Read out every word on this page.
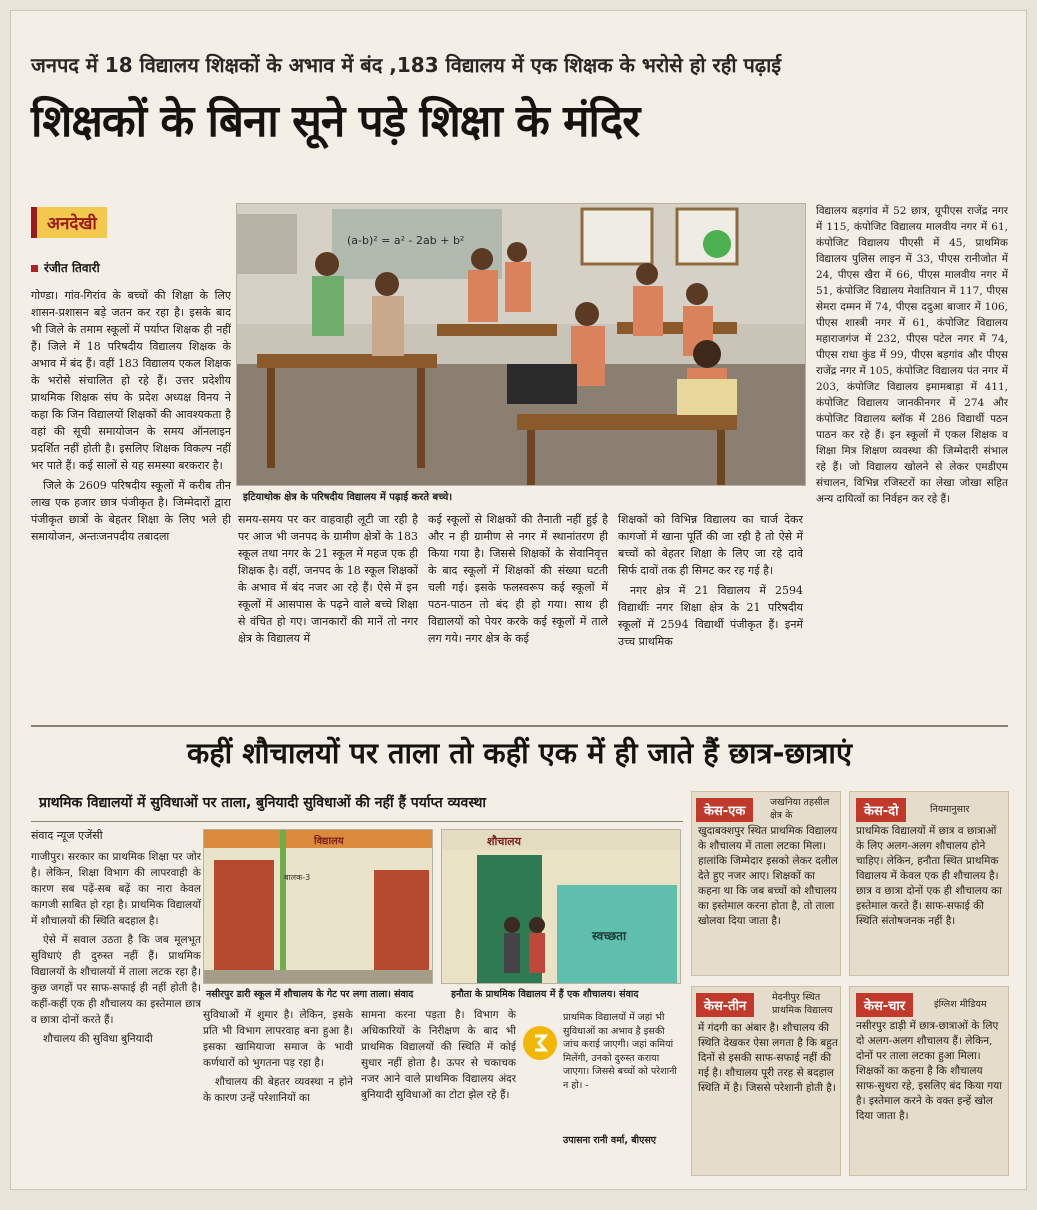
जनपद में 18 विद्यालय शिक्षकों के अभाव में बंद ,183 विद्यालय में एक शिक्षक के भरोसे हो रही पढ़ाई
शिक्षकों के बिना सूने पड़े शिक्षा के मंदिर
अनदेखी
रंजीत तिवारी

गोण्डा। गांव-गिरांव के बच्चों की शिक्षा के लिए शासन-प्रशासन बड़े जतन कर रहा है। इसके बाद भी जिले के तमाम स्कूलों में पर्याप्त शिक्षक ही नहीं हैं। जिले में 18 परिषदीय विद्यालय शिक्षक के अभाव में बंद हैं। वहीं 183 विद्यालय एकल शिक्षक के भरोसे संचालित हो रहे हैं। उत्तर प्रदेशीय प्राथमिक शिक्षक संघ के प्रदेश अध्यक्ष विनय ने कहा कि जिन विद्यालयों शिक्षकों की आवश्यकता है वहां की सूची समायोजन के समय ऑनलाइन प्रदर्शित नहीं होती है। इसलिए शिक्षक विकल्प नहीं भर पाते हैं। कई सालों से यह समस्या बरकरार है।

जिले के 2609 परिषदीय स्कूलों में करीब तीन लाख एक हजार छात्र पंजीकृत है। जिम्मेदारों द्वारा पंजीकृत छात्रों के बेहतर शिक्षा के लिए भले ही समायोजन, अन्तःजनपदीय तबादला

(a-b)² = a² - 2ab + b²
इटियाथोक क्षेत्र के परिषदीय विद्यालय में पढ़ाई करते बच्चे।

समय-समय पर कर वाहवाही लूटी जा रही है पर आज भी जनपद के ग्रामीण क्षेत्रों के 183 स्कूल तथा नगर के 21 स्कूल में महज एक ही शिक्षक है। वहीं, जनपद के 18 स्कूल शिक्षकों के अभाव में बंद नजर आ रहे हैं। ऐसे में इन स्कूलों में आसपास के पढ़ने वाले बच्चे शिक्षा से वंचित हो गए। जानकारों की मानें तो नगर क्षेत्र के विद्यालय में

कई स्कूलों से शिक्षकों की तैनाती नहीं हुई है और न ही ग्रामीण से नगर में स्थानांतरण ही किया गया है। जिससे शिक्षकों के सेवानिवृत्त के बाद स्कूलों में शिक्षकों की संख्या घटती चली गई। इसके फलस्वरूप कई स्कूलों में पठन-पाठन तो बंद ही हो गया। साथ ही विद्यालयों को पेयर करके कई स्कूलों में ताले लग गये। नगर क्षेत्र के कई

शिक्षकों को विभिन्न विद्यालय का चार्ज देकर कागजों में खाना पूर्ति की जा रही है तो ऐसे में बच्चों को बेहतर शिक्षा के लिए जा रहे दावे सिर्फ दावों तक ही सिमट कर रह गई है।

नगर क्षेत्र में 21 विद्यालय में 2594 विद्यार्थीः नगर शिक्षा क्षेत्र के 21 परिषदीय स्कूलों में 2594 विद्यार्थी पंजीकृत हैं। इनमें उच्च प्राथमिक

विद्यालय बड़गांव में 52 छात्र, यूपीएस राजेंद्र नगर में 115, कंपोजिट विद्यालय मालवीय नगर में 61, कंपोजिट विद्यालय पीएसी में 45, प्राथमिक विद्यालय पुलिस लाइन में 33, पीएस रानीजोत में 24, पीएस खैरा में 66, पीएस मालवीय नगर में 51, कंपोजिट विद्यालय मेवातियान में 117, पीएस सेमरा दम्मन में 74, पीएस ददुआ बाजार में 106, पीएस शास्त्री नगर में 61, कंपोजिट विद्यालय महाराजगंज में 232, पीएस पटेल नगर में 74, पीएस राधा कुंड में 99, पीएस बड़गांव और पीएस राजेंद्र नगर में 105, कंपोजिट विद्यालय पंत नगर में 203, कंपोजिट विद्यालय इमामबाड़ा में 411, कंपोजिट विद्यालय जानकीनगर में 274 और कंपोजिट विद्यालय ब्लॉक में 286 विद्यार्थी पठन पाठन कर रहे हैं। इन स्कूलों में एकल शिक्षक व शिक्षा मित्र शिक्षण व्यवस्था की जिम्मेदारी संभाल रहे हैं। जो विद्यालय खोलने से लेकर एमडीएम संचालन, विभिन्न रजिस्टरों का लेखा जोखा सहित अन्य दायित्वों का निर्वहन कर रहे हैं।

कहीं शौचालयों पर ताला तो कहीं एक में ही जाते हैं छात्र-छात्राएं
प्राथमिक विद्यालयों में सुविधाओं पर ताला, बुनियादी सुविधाओं की नहीं हैं पर्याप्त व्यवस्था
संवाद न्यूज एजेंसी

गाजीपुर। सरकार का प्राथमिक शिक्षा पर जोर है। लेकिन, शिक्षा विभाग की लापरवाही के कारण सब पढ़ें-सब बढ़ें का नारा केवल कागजी साबित हो रहा है। प्राथमिक विद्यालयों में शौचालयों की स्थिति बदहाल है।

ऐसे में सवाल उठता है कि जब मूलभूत सुविधाएं ही दुरुस्त नहीं हैं। प्राथमिक विद्यालयों के शौचालयों में ताला लटक रहा है। कुछ जगहों पर साफ-सफाई ही नहीं होती है। कहीं-कहीं एक ही शौचालय का इस्तेमाल छात्र व छात्रा दोनों करते हैं।

शौचालय की सुविधा बुनियादी

विद्यालय
बालक-3
नसीरपुर डारी स्कूल में शौचालय के गेट पर लगा ताला। संवाद
शौचालय
स्वच्छता
हनौता के प्राथमिक विद्यालय में हैं एक शौचालय। संवाद

सुविधाओं में शुमार है। लेकिन, इसके प्रति भी विभाग लापरवाह बना हुआ है। इसका खामियाजा समाज के भावी कर्णधारों को भुगतना पड़ रहा है।

शौचालय की बेहतर व्यवस्था न होने के कारण उन्हें परेशानियों का

सामना करना पड़ता है। विभाग के अधिकारियों के निरीक्षण के बाद भी प्राथमिक विद्यालयों की स्थिति में कोई सुधार नहीं होता है। ऊपर से चकाचक नजर आने वाले प्राथमिक विद्यालय अंदर बुनियादी सुविधाओं का टोटा झेल रहे हैं।

प्राथमिक विद्यालयों में जहां भी सुविधाओं का अभाव है इसकी जांच कराई जाएगी। जहां कमियां मिलेंगी, उनको दुरुस्त कराया जाएगा। जिससे बच्चों को परेशानी न हो। -
उपासना रानी वर्मा, बीएसए
केस-एक
जखनिया तहसील क्षेत्र के
खुदाबक्शपुर स्थित प्राथमिक विद्यालय के शौचालय में ताला लटका मिला। हालांकि जिम्मेदार इसको लेकर दलील देते हुए नजर आए। शिक्षकों का कहना था कि जब बच्चों को शौचालय का इस्तेमाल करना होता है, तो ताला खोलवा दिया जाता है।
केस-दो	नियमानुसार
प्राथमिक विद्यालयों में छात्र व छात्राओं के लिए अलग-अलग शौचालय होने चाहिए। लेकिन, हनौता स्थित प्राथमिक विद्यालय में केवल एक ही शौचालय है। छात्र व छात्रा दोनों एक ही शौचालय का इस्तेमाल करते हैं। साफ-सफाई की स्थिति संतोषजनक नहीं है।
केस-तीन
मेदनीपुर स्थित प्राथमिक विद्यालय
में गंदगी का अंबार है। शौचालय की स्थिति देखकर ऐसा लगता है कि बहुत दिनों से इसकी साफ-सफाई नहीं की गई है। शौचालय पूरी तरह से बदहाल स्थिति में है। जिससे परेशानी होती है।
केस-चार	इंग्लिश मीडियम
नसीरपुर डाड़ी में छात्र-छात्राओं के लिए दो अलग-अलग शौचालय हैं। लेकिन, दोनों पर ताला लटका हुआ मिला। शिक्षकों का कहना है कि शौचालय साफ-सुथरा रहे, इसलिए बंद किया गया है। इस्तेमाल करने के वक्त इन्हें खोल दिया जाता है।
